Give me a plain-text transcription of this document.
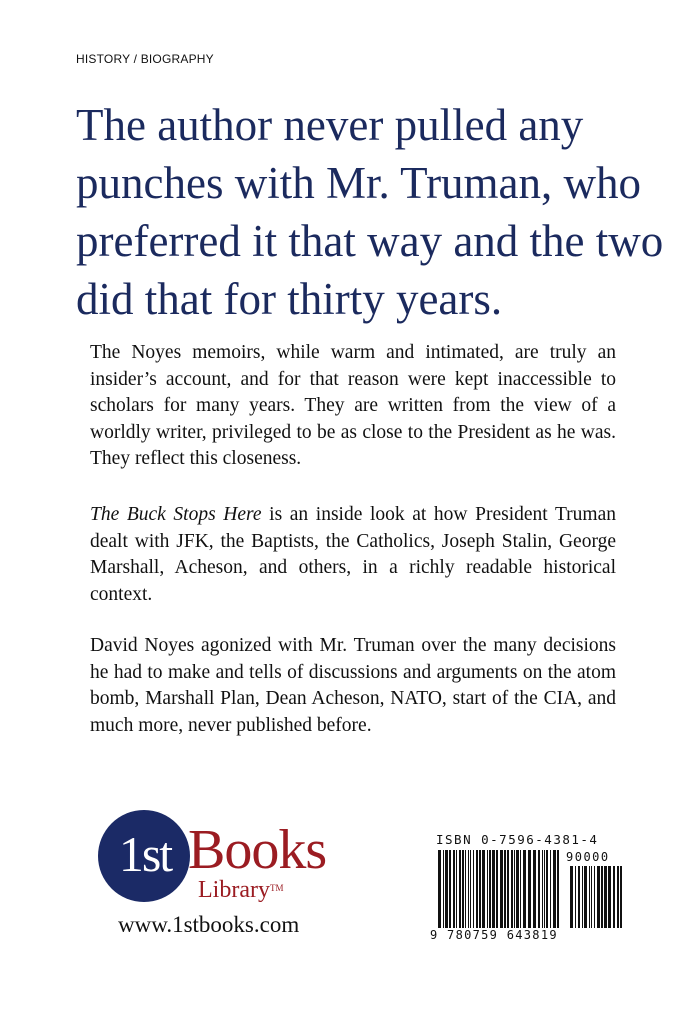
HISTORY / BIOGRAPHY
The author never pulled any punches with Mr. Truman, who preferred it that way and the two did that for thirty years.

The Noyes memoirs, while warm and intimated, are truly an insider’s account, and for that reason were kept inaccessible to scholars for many years. They are written from the view of a worldly writer, privileged to be as close to the President as he was. They reflect this closeness.

The Buck Stops Here is an inside look at how President Truman dealt with JFK, the Baptists, the Catholics, Joseph Stalin, George Marshall, Acheson, and others, in a richly readable historical context.

David Noyes agonized with Mr. Truman over the many decisions he had to make and tells of discussions and arguments on the atom bomb, Marshall Plan, Dean Acheson, NATO, start of the CIA, and much more, never published before.

1st Books
Library™
www.1stbooks.com
ISBN 0-7596-4381-4
90000
9 780759 643819
